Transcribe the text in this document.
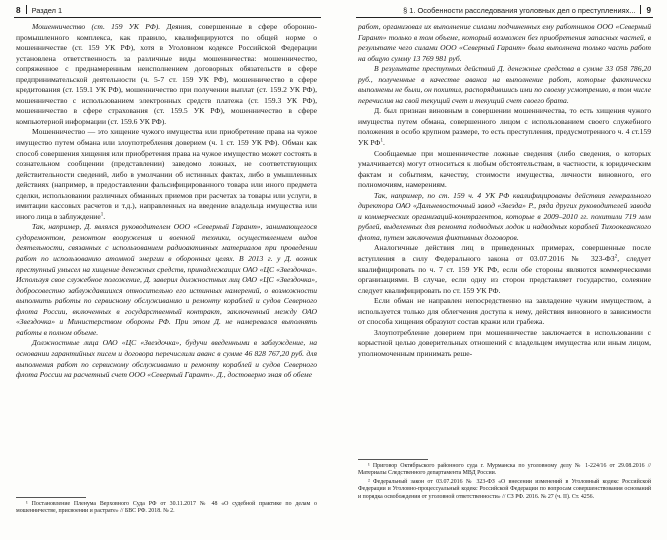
8 Раздел 1

Мошенничество (ст. 159 УК РФ). Деяния, совершенные в сфере оборонно-промышленного комплекса, как правило, квалифицируются по общей норме о мошенничестве (ст. 159 УК РФ), хотя в Уголовном кодексе Российской Федерации установлена ответственность за различные виды мошенничества: мошенничество, сопряженное с преднамеренным неисполнением договорных обязательств в сфере предпринимательской деятельности (ч. 5-7 ст. 159 УК РФ), мошенничество в сфере кредитования (ст. 159.1 УК РФ), мошенничество при получении выплат (ст. 159.2 УК РФ), мошенничество с использованием электронных средств платежа (ст. 159.3 УК РФ), мошенничество в сфере страхования (ст. 159.5 УК РФ), мошенничество в сфере компьютерной информации (ст. 159.6 УК РФ).

Мошенничество — это хищение чужого имущества или приобретение права на чужое имущество путем обмана или злоупотребления доверием (ч. 1 ст. 159 УК РФ). Обман как способ совершения хищения или приобретения права на чужое имущество может состоять в сознательном сообщении (представлении) заведомо ложных, не соответствующих действительности сведений, либо в умолчании об истинных фактах, либо в умышленных действиях (например, в предоставлении фальсифицированного товара или иного предмета сделки, использовании различных обманных приемов при расчетах за товары или услуги, в имитации кассовых расчетов и т.д.), направленных на введение владельца имущества или иного лица в заблуждение$^1$.

Так, например, Д. являлся руководителем ООО «Северный Гарант», занимающегося судоремонтом, ремонтом вооружения и военной техники, осуществлением видов деятельности, связанных с использованием радиоактивных материалов при проведении работ по использованию атомной энергии в оборонных целях. В 2013 г. у Д. возник преступный умысел на хищение денежных средств, принадлежащих ОАО «ЦС «Звездочка». Используя свое служебное положение, Д. заверил должностных лиц ОАО «ЦС «Звездочка», добросовестно заблуждавшихся относительно его истинных намерений, о возможности выполнить работы по сервисному обслуживанию и ремонту кораблей и судов Северного флота России, включенных в государственный контракт, заключенный между ОАО «Звездочка» и Министерством обороны РФ. При этом Д. не намеревался выполнять работы в полном объеме.

Должностные лица ОАО «ЦС «Звездочка», будучи введенными в заблуждение, на основании гарантийных писем и договора перечислили аванс в сумме 46 828 767,20 руб. для выполнения работ по сервисному обслуживанию и ремонту кораблей и судов Северного флота России на расчетный счет ООО «Северный Гарант». Д., достоверно зная об обеме

¹ Постановление Пленума Верховного Суда РФ от 30.11.2017 № 48 «О судебной практике по делам о мошенничестве, присвоении и растрате» // БВС РФ. 2018. № 2.

§ 1. Особенности расследования уголовных дел о преступлениях... 9

работ, организовал их выполнение силами подчиненных ему работников ООО «Северный Гарант» только в том объеме, который возможен без приобретения запасных частей, в результате чего силами ООО «Северный Гарант» была выполнена только часть работ на общую сумму 13 769 981 руб.

В результате преступных действий Д. денежные средства в сумме 33 058 786,20 руб., полученные в качестве аванса на выполнение работ, которые фактически выполнены не были, он похитил, распорядившись ими по своему усмотрению, в том числе перечислив на свой текущий счет и текущий счет своего брата.

Д. был признан виновным в совершении мошенничества, то есть хищения чужого имущества путем обмана, совершенного лицом с использованием своего служебного положения в особо крупном размере, то есть преступления, предусмотренного ч. 4 ст.159 УК $РФ^1$.

Сообщаемые при мошенничестве ложные сведения (либо сведения, о которых умалчивается) могут относиться к любым обстоятельствам, в частности, к юридическим фактам и событиям, качеству, стоимости имущества, личности виновного, его полномочиям, намерениям.

Так, например, по ст. 159 ч. 4 УК РФ квалифицированы действия генерального директора ОАО «Дальневосточный завод «Звезда» Р., ряда других руководителей завода и коммерческих организаций-контрагентов, которые в 2009–2010 гг. похитили 719 млн рублей, выделенных для ремонта подводных лодок и надводных кораблей Тихоокеанского флота, путем заключения фиктивных договоров.

Аналогичные действия лиц в приведенных примерах, совершенные после вступления в силу Федерального закона от 03.07.2016 № $323-ФЗ^2$, следует квалифицировать по ч. 7 ст. 159 УК РФ, если обе стороны являются коммерческими организациями. В случае, если одну из сторон представляет государство, солеяние следует квалифицировать по ст. 159 УК РФ.

Если обман не направлен непосредственно на завладение чужим имуществом, а используется только для облегчения доступа к нему, действия виновного в зависимости от способа хищения образуют состав кражи или грабежа.

Злоупотребление доверием при мошенничестве заключается в использовании с корыстной целью доверительных отношений с владельцем имущества или иным лицом, уполномоченным принимать реше-

¹ Приговор Октябрьского районного суда г. Мурманска по уголовному делу № 1-224/16 от 29.08.2016 // Материалы Следственного департамента МВД России.

² Федеральный закон от 03.07.2016 № 323-ФЗ «О внесении изменений в Уголовный кодекс Российской Федерации и Уголовно-процессуальный кодекс Российской Федерации по вопросам совершенствования оснований и порядка освобождения от уголовной ответственности» // СЗ РФ. 2016. № 27 (ч. II). Ст. 4256.
